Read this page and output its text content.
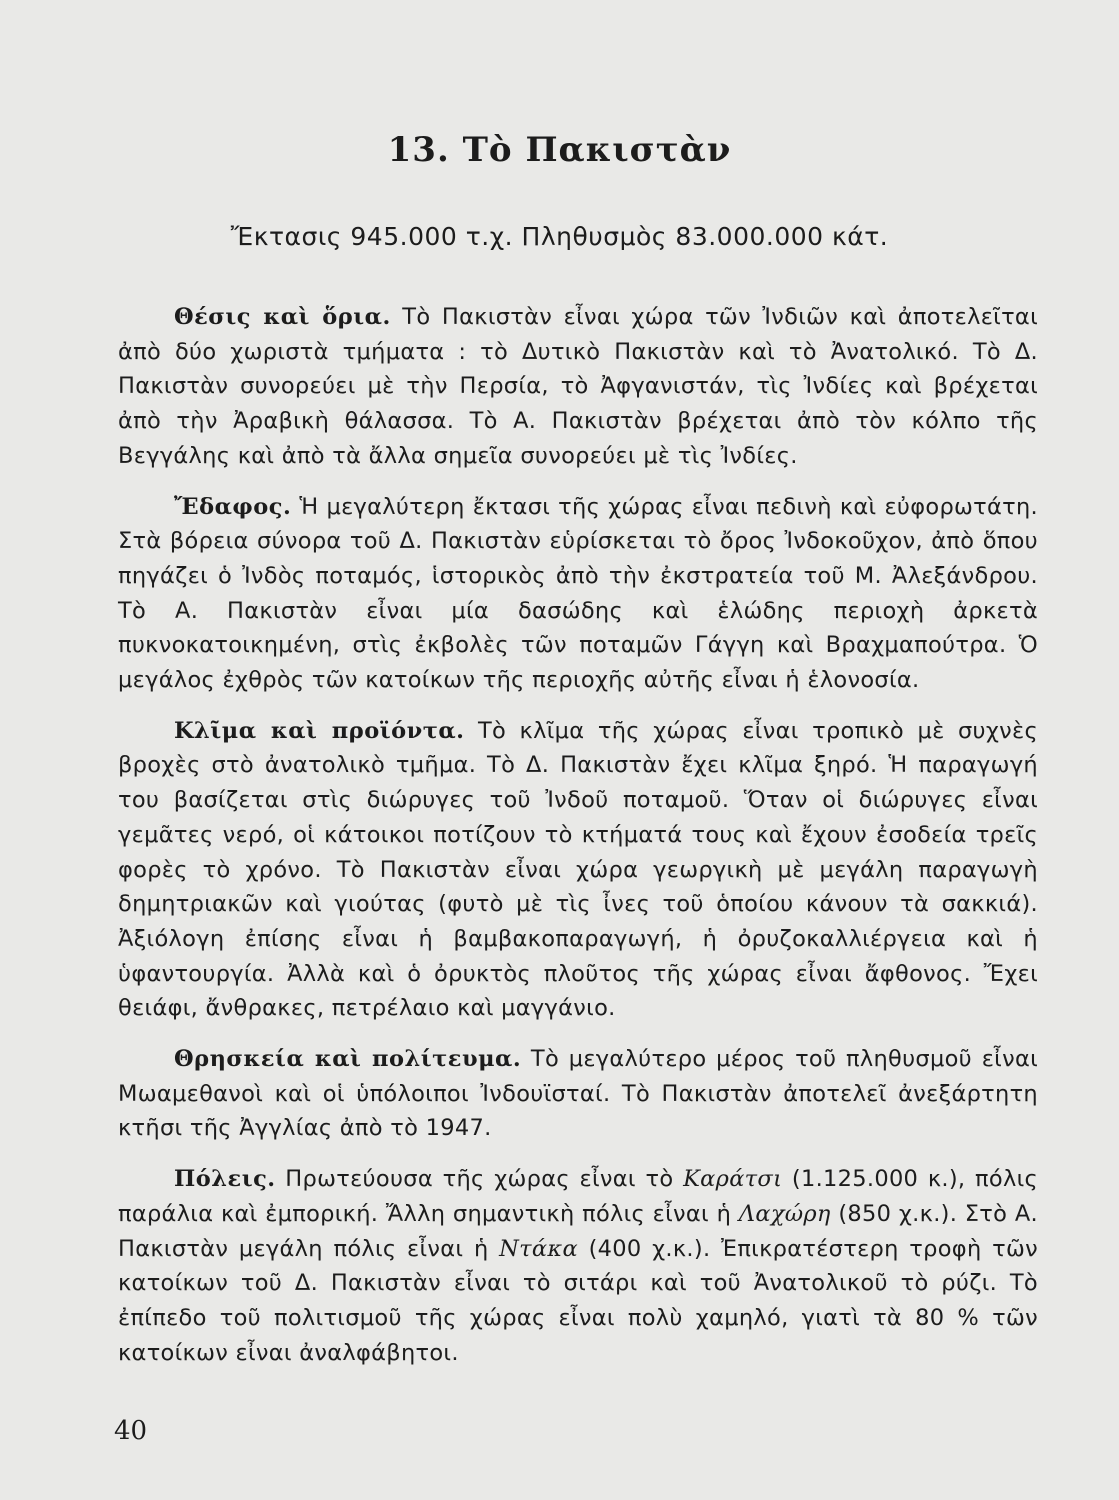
13. Τὸ Πακιστὰν
Ἔκτασις 945.000 τ.χ. Πληθυσμὸς 83.000.000 κάτ.

Θέσις καὶ ὅρια. Τὸ Πακιστὰν εἶναι χώρα τῶν Ἰνδιῶν καὶ ἀποτελεῖται ἀπὸ δύο χωριστὰ τμήματα : τὸ Δυτικὸ Πακιστὰν καὶ τὸ Ἀνατολικό. Τὸ Δ. Πακιστὰν συνορεύει μὲ τὴν Περσία, τὸ Ἀφγανιστάν, τὶς Ἰνδίες καὶ βρέχεται ἀπὸ τὴν Ἀραβικὴ θάλασσα. Τὸ Α. Πακιστὰν βρέχεται ἀπὸ τὸν κόλπο τῆς Βεγγάλης καὶ ἀπὸ τὰ ἄλλα σημεῖα συνορεύει μὲ τὶς Ἰνδίες.

Ἔδαφος. Ἡ μεγαλύτερη ἔκτασι τῆς χώρας εἶναι πεδινὴ καὶ εὐφορωτάτη. Στὰ βόρεια σύνορα τοῦ Δ. Πακιστὰν εὑρίσκεται τὸ ὄρος Ἰνδοκοῦχον, ἀπὸ ὅπου πηγάζει ὁ Ἰνδὸς ποταμός, ἱστορικὸς ἀπὸ τὴν ἐκστρατεία τοῦ Μ. Ἀλεξάνδρου. Τὸ Α. Πακιστὰν εἶναι μία δασώδης καὶ ἑλώδης περιοχὴ ἀρκετὰ πυκνοκατοικημένη, στὶς ἐκβολὲς τῶν ποταμῶν Γάγγη καὶ Βραχμαπούτρα. Ὁ μεγάλος ἐχθρὸς τῶν κατοίκων τῆς περιοχῆς αὐτῆς εἶναι ἡ ἑλονοσία.

Κλῖμα καὶ προϊόντα. Τὸ κλῖμα τῆς χώρας εἶναι τροπικὸ μὲ συχνὲς βροχὲς στὸ ἀνατολικὸ τμῆμα. Τὸ Δ. Πακιστὰν ἔχει κλῖμα ξηρό. Ἡ παραγωγή του βασίζεται στὶς διώρυγες τοῦ Ἰνδοῦ ποταμοῦ. Ὅταν οἱ διώρυγες εἶναι γεμᾶτες νερό, οἱ κάτοικοι ποτίζουν τὸ κτήματά τους καὶ ἔχουν ἐσοδεία τρεῖς φορὲς τὸ χρόνο. Τὸ Πακιστὰν εἶναι χώρα γεωργικὴ μὲ μεγάλη παραγωγὴ δημητριακῶν καὶ γιούτας (φυτὸ μὲ τὶς ἶνες τοῦ ὁποίου κάνουν τὰ σακκιά). Ἀξιόλογη ἐπίσης εἶναι ἡ βαμβακοπαραγωγή, ἡ ὀρυζοκαλλιέργεια καὶ ἡ ὑφαντουργία. Ἀλλὰ καὶ ὁ ὀρυκτὸς πλοῦτος τῆς χώρας εἶναι ἄφθονος. Ἔχει θειάφι, ἄνθρακες, πετρέλαιο καὶ μαγγάνιο.

Θρησκεία καὶ πολίτευμα. Τὸ μεγαλύτερο μέρος τοῦ πληθυσμοῦ εἶναι Μωαμεθανοὶ καὶ οἱ ὑπόλοιποι Ἰνδουϊσταί. Τὸ Πακιστὰν ἀποτελεῖ ἀνεξάρτητη κτῆσι τῆς Ἀγγλίας ἀπὸ τὸ 1947.

Πόλεις. Πρωτεύουσα τῆς χώρας εἶναι τὸ Καράτσι (1.125.000 κ.), πόλις παράλια καὶ ἐμπορική. Ἄλλη σημαντικὴ πόλις εἶναι ἡ Λαχώρη (850 χ.κ.). Στὸ Α. Πακιστὰν μεγάλη πόλις εἶναι ἡ Ντάκα (400 χ.κ.). Ἐπικρατέστερη τροφὴ τῶν κατοίκων τοῦ Δ. Πακιστὰν εἶναι τὸ σιτάρι καὶ τοῦ Ἀνατολικοῦ τὸ ρύζι. Τὸ ἐπίπεδο τοῦ πολιτισμοῦ τῆς χώρας εἶναι πολὺ χαμηλό, γιατὶ τὰ 80 % τῶν κατοίκων εἶναι ἀναλφάβητοι.

40
